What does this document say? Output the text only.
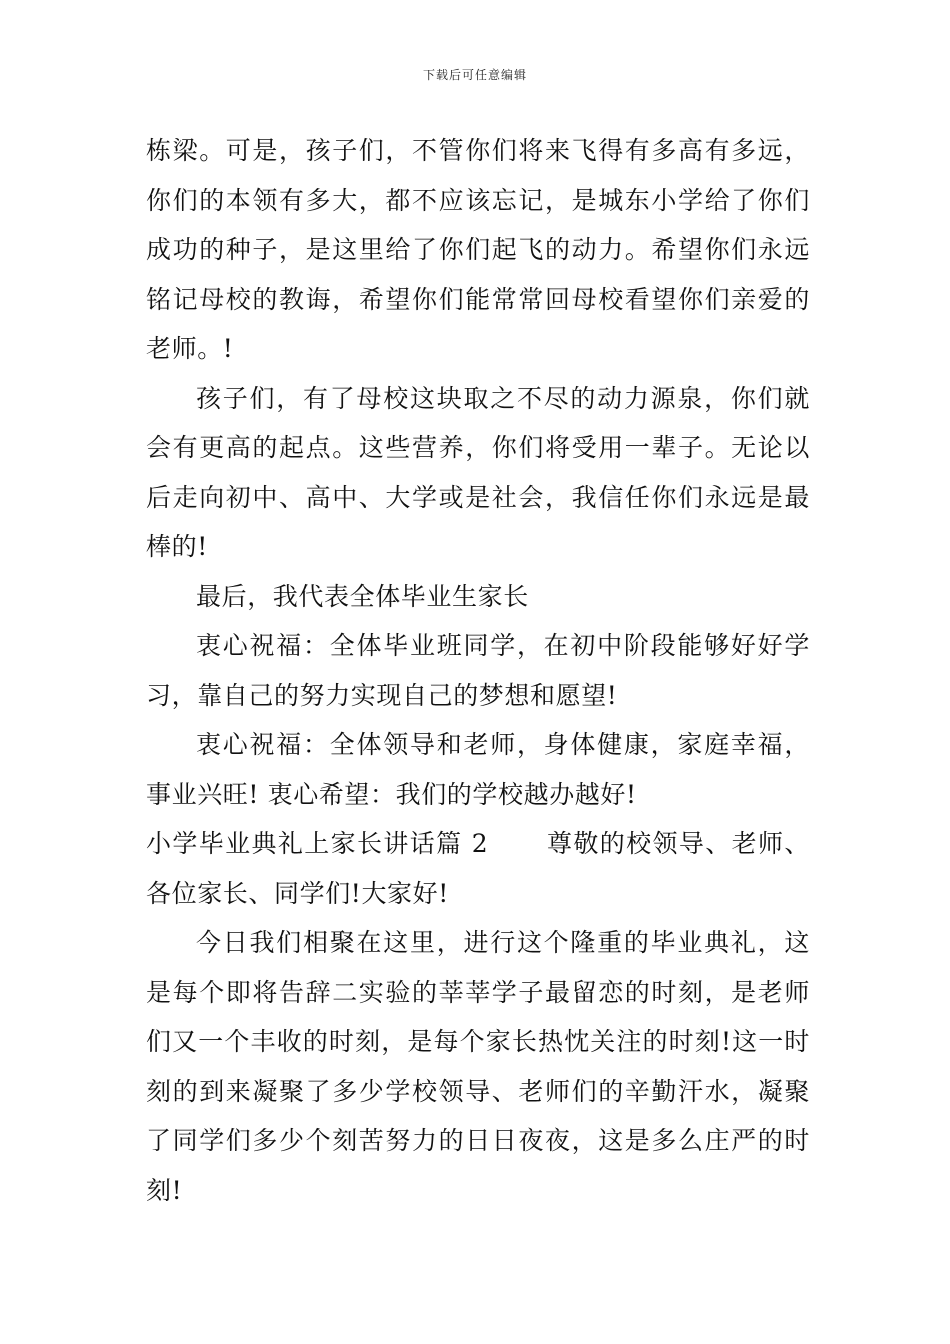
下载后可任意编辑

栋梁。可是，孩子们，不管你们将来飞得有多高有多远，你们的本领有多大，都不应该忘记，是城东小学给了你们成功的种子，是这里给了你们起飞的动力。希望你们永远铭记母校的教诲，希望你们能常常回母校看望你们亲爱的老师。!

孩子们，有了母校这块取之不尽的动力源泉，你们就会有更高的起点。这些营养，你们将受用一辈子。无论以后走向初中、高中、大学或是社会，我信任你们永远是最棒的!

最后，我代表全体毕业生家长

衷心祝福：全体毕业班同学，在初中阶段能够好好学习，靠自己的努力实现自己的梦想和愿望!

衷心祝福：全体领导和老师，身体健康，家庭幸福，事业兴旺! 衷心希望：我们的学校越办越好!

小学毕业典礼上家长讲话篇 2 尊敬的校领导、老师、各位家长、同学们!大家好!

今日我们相聚在这里，进行这个隆重的毕业典礼，这是每个即将告辞二实验的莘莘学子最留恋的时刻，是老师们又一个丰收的时刻，是每个家长热忱关注的时刻!这一时刻的到来凝聚了多少学校领导、老师们的辛勤汗水，凝聚了同学们多少个刻苦努力的日日夜夜，这是多么庄严的时刻!
